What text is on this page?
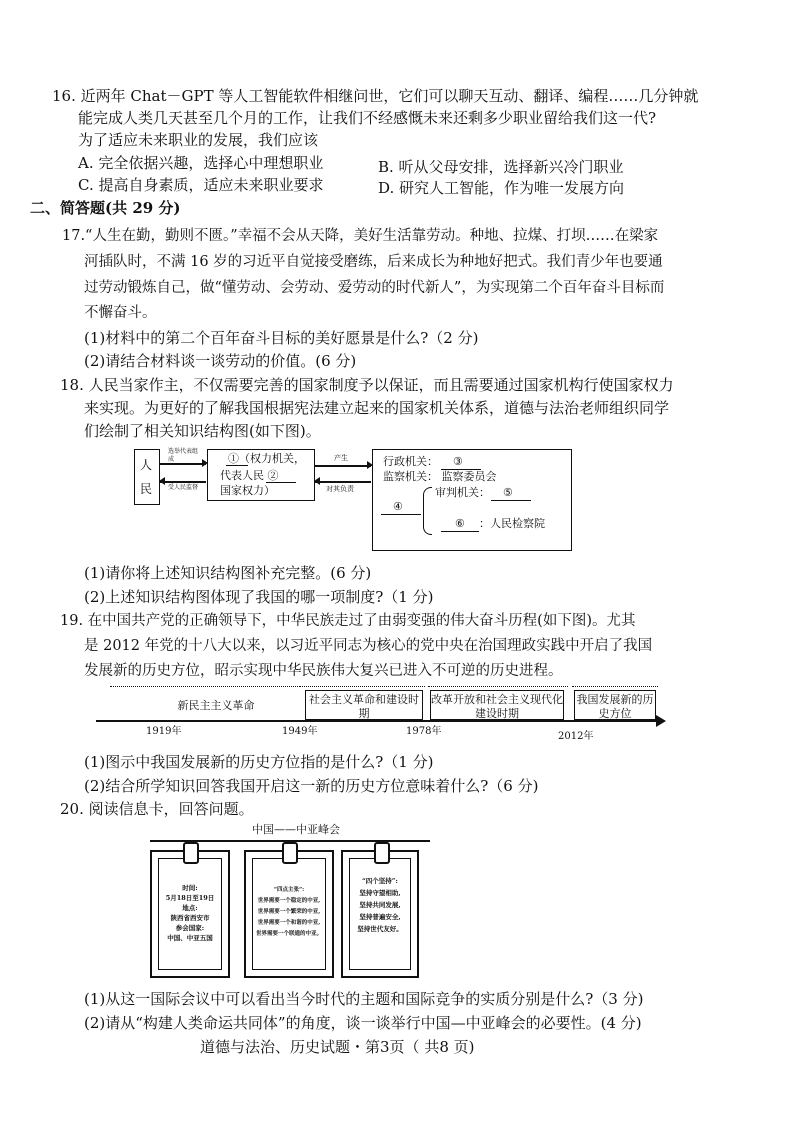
16. 近两年 Chat－GPT 等人工智能软件相继问世，它们可以聊天互动、翻译、编程……几分钟就
能完成人类几天甚至几个月的工作，让我们不经感慨未来还剩多少职业留给我们这一代?
为了适应未来职业的发展，我们应该
A. 完全依据兴趣，选择心中理想职业	B. 听从父母安排，选择新兴冷门职业
C. 提高自身素质，适应未来职业要求	D. 研究人工智能，作为唯一发展方向
二、简答题(共 29 分)
17.“人生在勤，勤则不匮。”幸福不会从天降，美好生活靠劳动。种地、拉煤、打坝……在梁家
河插队时，不满 16 岁的习近平自觉接受磨练，后来成长为种地好把式。我们青少年也要通
过劳动锻炼自己，做“懂劳动、会劳动、爱劳动的时代新人”，为实现第二个百年奋斗目标而
不懈奋斗。
(1)材料中的第二个百年奋斗目标的美好愿景是什么?（2 分)
(2)请结合材料谈一谈劳动的价值。(6 分)
18. 人民当家作主，不仅需要完善的国家制度予以保证，而且需要通过国家机构行使国家权力
来实现。为更好的了解我国根据宪法建立起来的国家机关体系，道德与法治老师组织同学
们绘制了相关知识结构图(如下图)。
人民
选举代表组成
受人民监督
①（权力机关，
代表人民 ②
国家权力）
产生
对其负责
行政机关： ③
监察机关： 监察委员会
④
审判机关： ⑤
⑥ ：人民检察院
(1)请你将上述知识结构图补充完整。(6 分)
(2)上述知识结构图体现了我国的哪一项制度?（1 分)
19. 在中国共产党的正确领导下，中华民族走过了由弱变强的伟大奋斗历程(如下图)。尤其
是 2012 年党的十八大以来，以习近平同志为核心的党中央在治国理政实践中开启了我国
发展新的历史方位，昭示实现中华民族伟大复兴已进入不可逆的历史进程。
新民主主义革命	社会主义革命和建设时期
改革开放和社会主义现代化建设时期
我国发展新的历史方位
1919年	1949年	1978年	2012年
(1)图示中我国发展新的历史方位指的是什么?（1 分)
(2)结合所学知识回答我国开启这一新的历史方位意味着什么?（6 分)
20. 阅读信息卡，回答问题。
中国——中亚峰会
时间:
5月18日至19日
地点:
陕西省西安市
参会国家:
中国、中亚五国
“四点主张”:
世界需要一个稳定的中亚,
世界需要一个繁荣的中亚,
世界需要一个和谐的中亚,
世界需要一个联通的中亚。
“四个坚持”:
坚持守望相助,
坚持共同发展,
坚持普遍安全,
坚持世代友好。
(1)从这一国际会议中可以看出当今时代的主题和国际竞争的实质分别是什么?（3 分)
(2)请从“构建人类命运共同体”的角度，谈一谈举行中国—中亚峰会的必要性。(4 分)
道德与法治、历史试题・第3页（ 共8 页)
